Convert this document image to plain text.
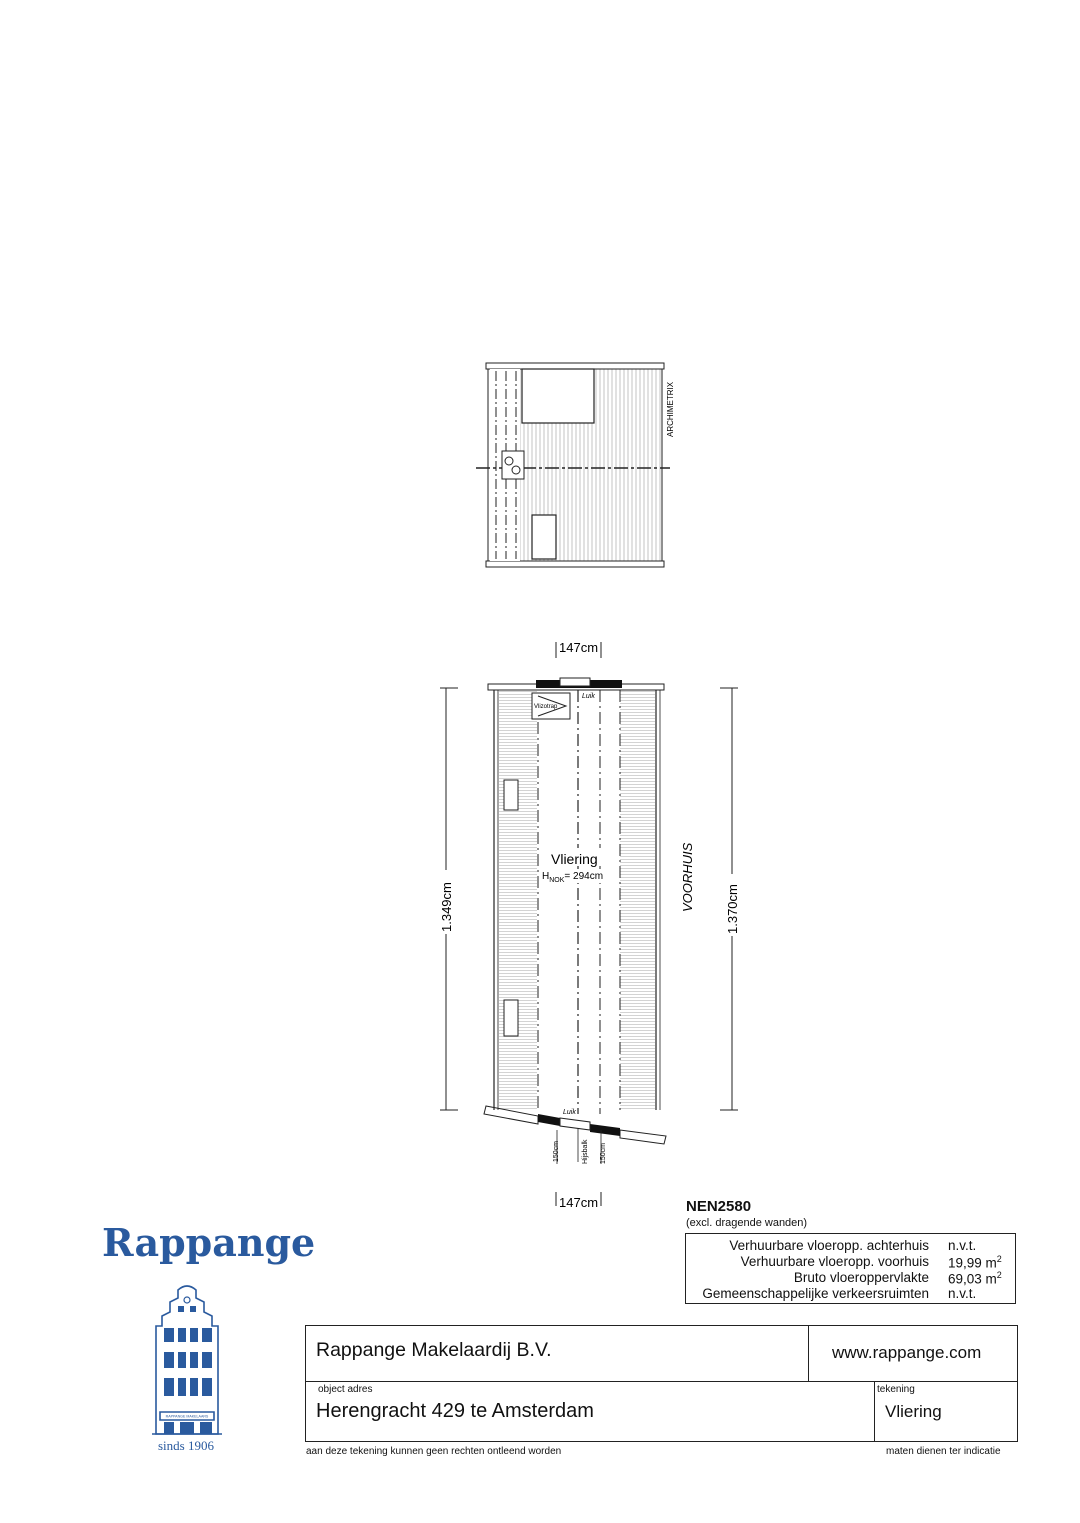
ARCHIMETRIX
147cm
1.349cm	1.370cm
VOORHUIS
Luik
Vlizotrap
Vliering
$H_{NOK}= 294cm$
Luik
150cm	Hijsbalk 150cm
147cm	NEN2580
(excl. dragende wanden)
Verhuurbare vloeropp. achterhuis n.v.t.
Verhuurbare vloeropp. voorhuis 19,99 $m^2$
Bruto vloeroppervlakte 69,03 $m^2$
Gemeenschappelijke verkeersruimten n.v.t.
Rappange
RAPPANGE MAKELAARS
sinds 1906
Rappange Makelaardij B.V.	www.rappange.com
object adres
Herengracht 429 te Amsterdam
tekening
Vliering
aan deze tekening kunnen geen rechten ontleend worden	maten dienen ter indicatie
